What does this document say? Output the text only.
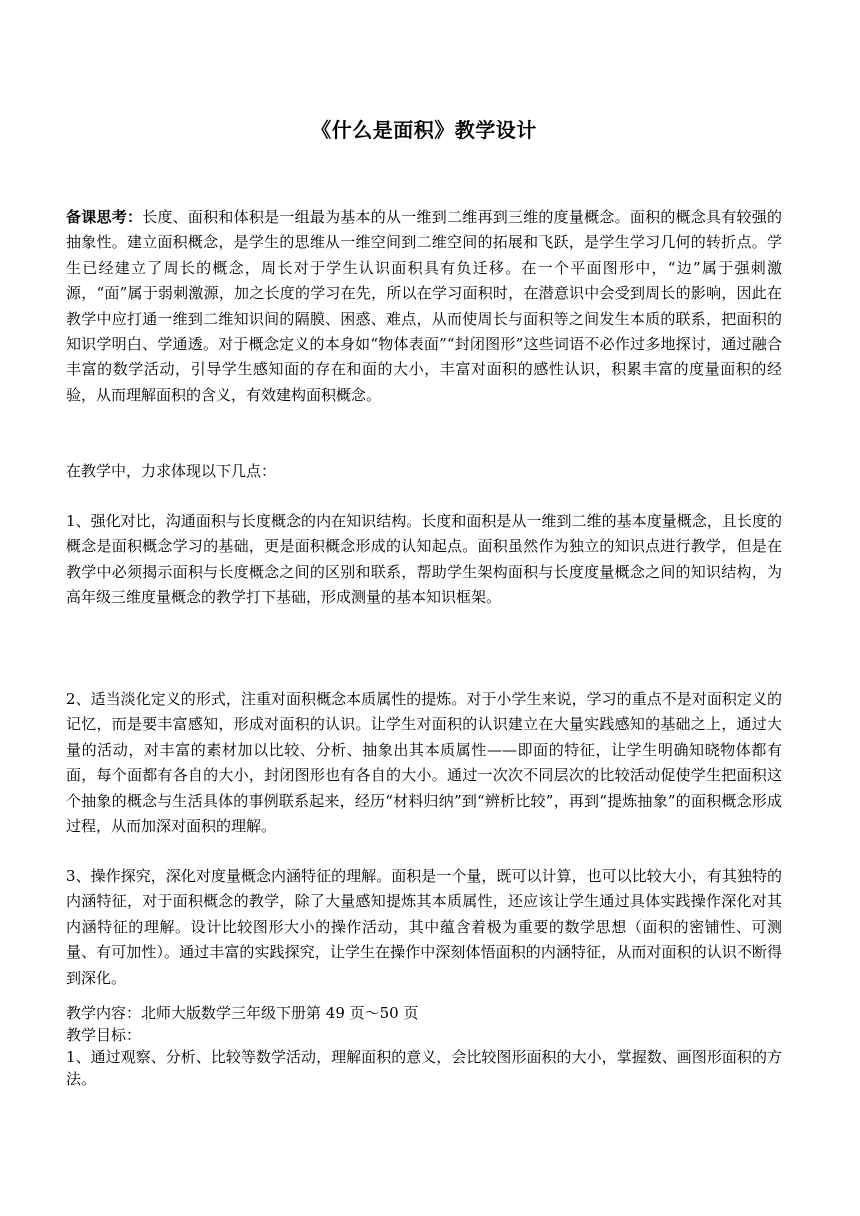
《什么是面积》教学设计

备课思考：长度、面积和体积是一组最为基本的从一维到二维再到三维的度量概念。面积的概念具有较强的抽象性。建立面积概念，是学生的思维从一维空间到二维空间的拓展和飞跃，是学生学习几何的转折点。学生已经建立了周长的概念，周长对于学生认识面积具有负迁移。在一个平面图形中，“边”属于强刺激源，“面”属于弱刺激源，加之长度的学习在先，所以在学习面积时，在潜意识中会受到周长的影响，因此在教学中应打通一维到二维知识间的隔膜、困惑、难点，从而使周长与面积等之间发生本质的联系，把面积的知识学明白、学通透。对于概念定义的本身如“物体表面”“封闭图形”这些词语不必作过多地探讨，通过融合丰富的数学活动，引导学生感知面的存在和面的大小，丰富对面积的感性认识，积累丰富的度量面积的经验，从而理解面积的含义，有效建构面积概念。

在教学中，力求体现以下几点：

1、强化对比，沟通面积与长度概念的内在知识结构。长度和面积是从一维到二维的基本度量概念，且长度的概念是面积概念学习的基础，更是面积概念形成的认知起点。面积虽然作为独立的知识点进行教学，但是在教学中必须揭示面积与长度概念之间的区别和联系，帮助学生架构面积与长度度量概念之间的知识结构，为高年级三维度量概念的教学打下基础，形成测量的基本知识框架。

2、适当淡化定义的形式，注重对面积概念本质属性的提炼。对于小学生来说，学习的重点不是对面积定义的记忆，而是要丰富感知，形成对面积的认识。让学生对面积的认识建立在大量实践感知的基础之上，通过大量的活动，对丰富的素材加以比较、分析、抽象出其本质属性——即面的特征，让学生明确知晓物体都有面，每个面都有各自的大小，封闭图形也有各自的大小。通过一次次不同层次的比较活动促使学生把面积这个抽象的概念与生活具体的事例联系起来，经历“材料归纳”到“辨析比较”，再到“提炼抽象”的面积概念形成过程，从而加深对面积的理解。

3、操作探究，深化对度量概念内涵特征的理解。面积是一个量，既可以计算，也可以比较大小，有其独特的内涵特征，对于面积概念的教学，除了大量感知提炼其本质属性，还应该让学生通过具体实践操作深化对其内涵特征的理解。设计比较图形大小的操作活动，其中蕴含着极为重要的数学思想（面积的密铺性、可测量、有可加性）。通过丰富的实践探究，让学生在操作中深刻体悟面积的内涵特征，从而对面积的认识不断得到深化。

教学内容：北师大版数学三年级下册第 49 页～50 页

教学目标：

1、通过观察、分析、比较等数学活动，理解面积的意义，会比较图形面积的大小，掌握数、画图形面积的方法。
